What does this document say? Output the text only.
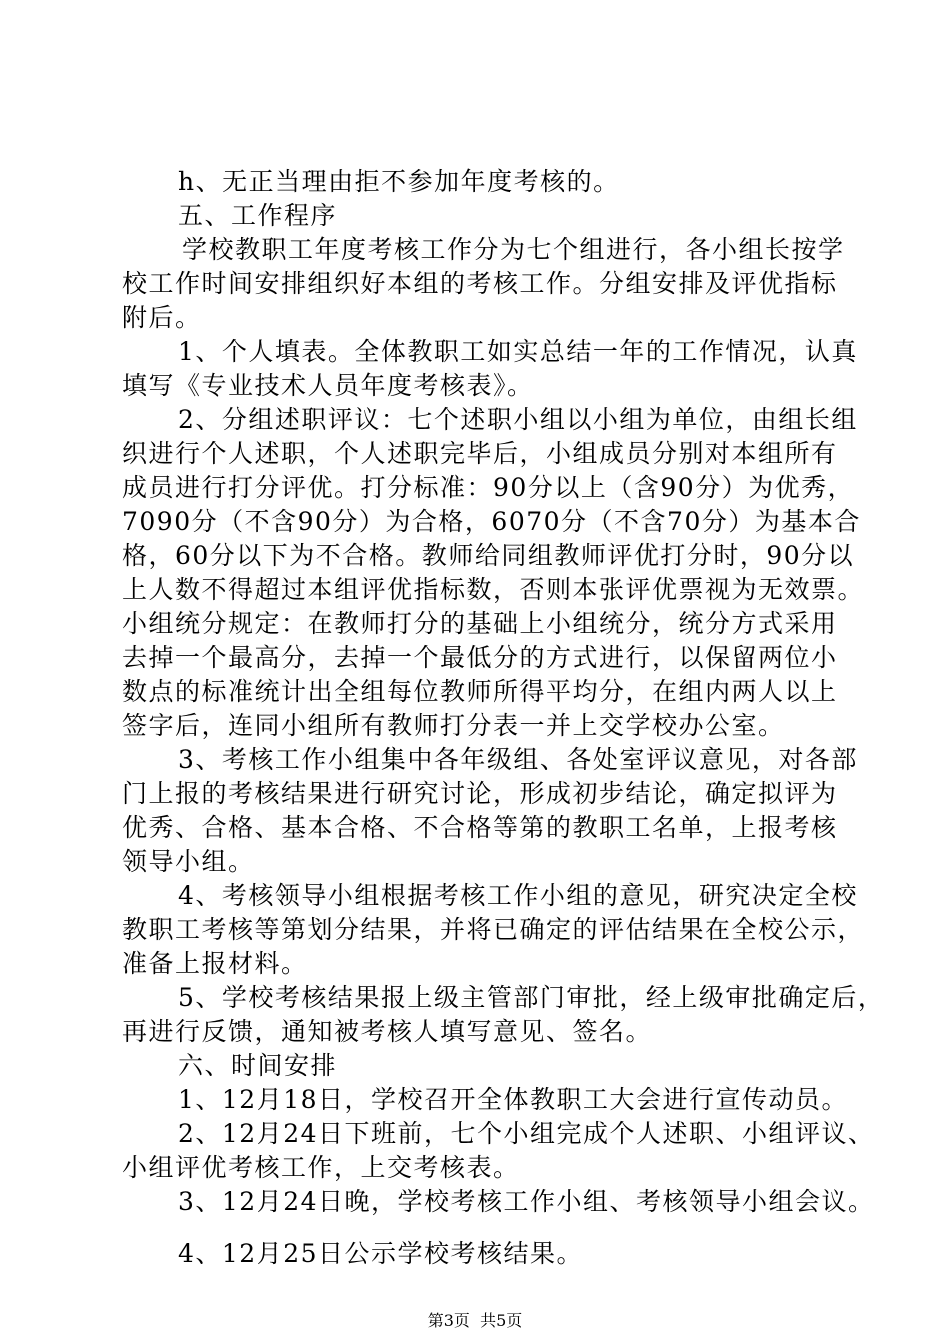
h、无正当理由拒不参加年度考核的。
五、工作程序
学校教职工年度考核工作分为七个组进行，各小组长按学
校工作时间安排组织好本组的考核工作。分组安排及评优指标
附后。
1、个人填表。全体教职工如实总结一年的工作情况，认真
填写《专业技术人员年度考核表》。
2、分组述职评议：七个述职小组以小组为单位，由组长组
织进行个人述职，个人述职完毕后，小组成员分别对本组所有
成员进行打分评优。打分标准：90分以上（含90分）为优秀，
7090分（不含90分）为合格，6070分（不含70分）为基本合
格，60分以下为不合格。教师给同组教师评优打分时，90分以
上人数不得超过本组评优指标数，否则本张评优票视为无效票。
小组统分规定：在教师打分的基础上小组统分，统分方式采用
去掉一个最高分，去掉一个最低分的方式进行，以保留两位小
数点的标准统计出全组每位教师所得平均分，在组内两人以上
签字后，连同小组所有教师打分表一并上交学校办公室。
3、考核工作小组集中各年级组、各处室评议意见，对各部
门上报的考核结果进行研究讨论，形成初步结论，确定拟评为
优秀、合格、基本合格、不合格等第的教职工名单，上报考核
领导小组。
4、考核领导小组根据考核工作小组的意见，研究决定全校
教职工考核等第划分结果，并将已确定的评估结果在全校公示，
准备上报材料。
5、学校考核结果报上级主管部门审批，经上级审批确定后，
再进行反馈，通知被考核人填写意见、签名。
六、时间安排
1、12月18日，学校召开全体教职工大会进行宣传动员。
2、12月24日下班前，七个小组完成个人述职、小组评议、
小组评优考核工作，上交考核表。
3、12月24日晚，学校考核工作小组、考核领导小组会议。
4、12月25日公示学校考核结果。
第3页  共5页
